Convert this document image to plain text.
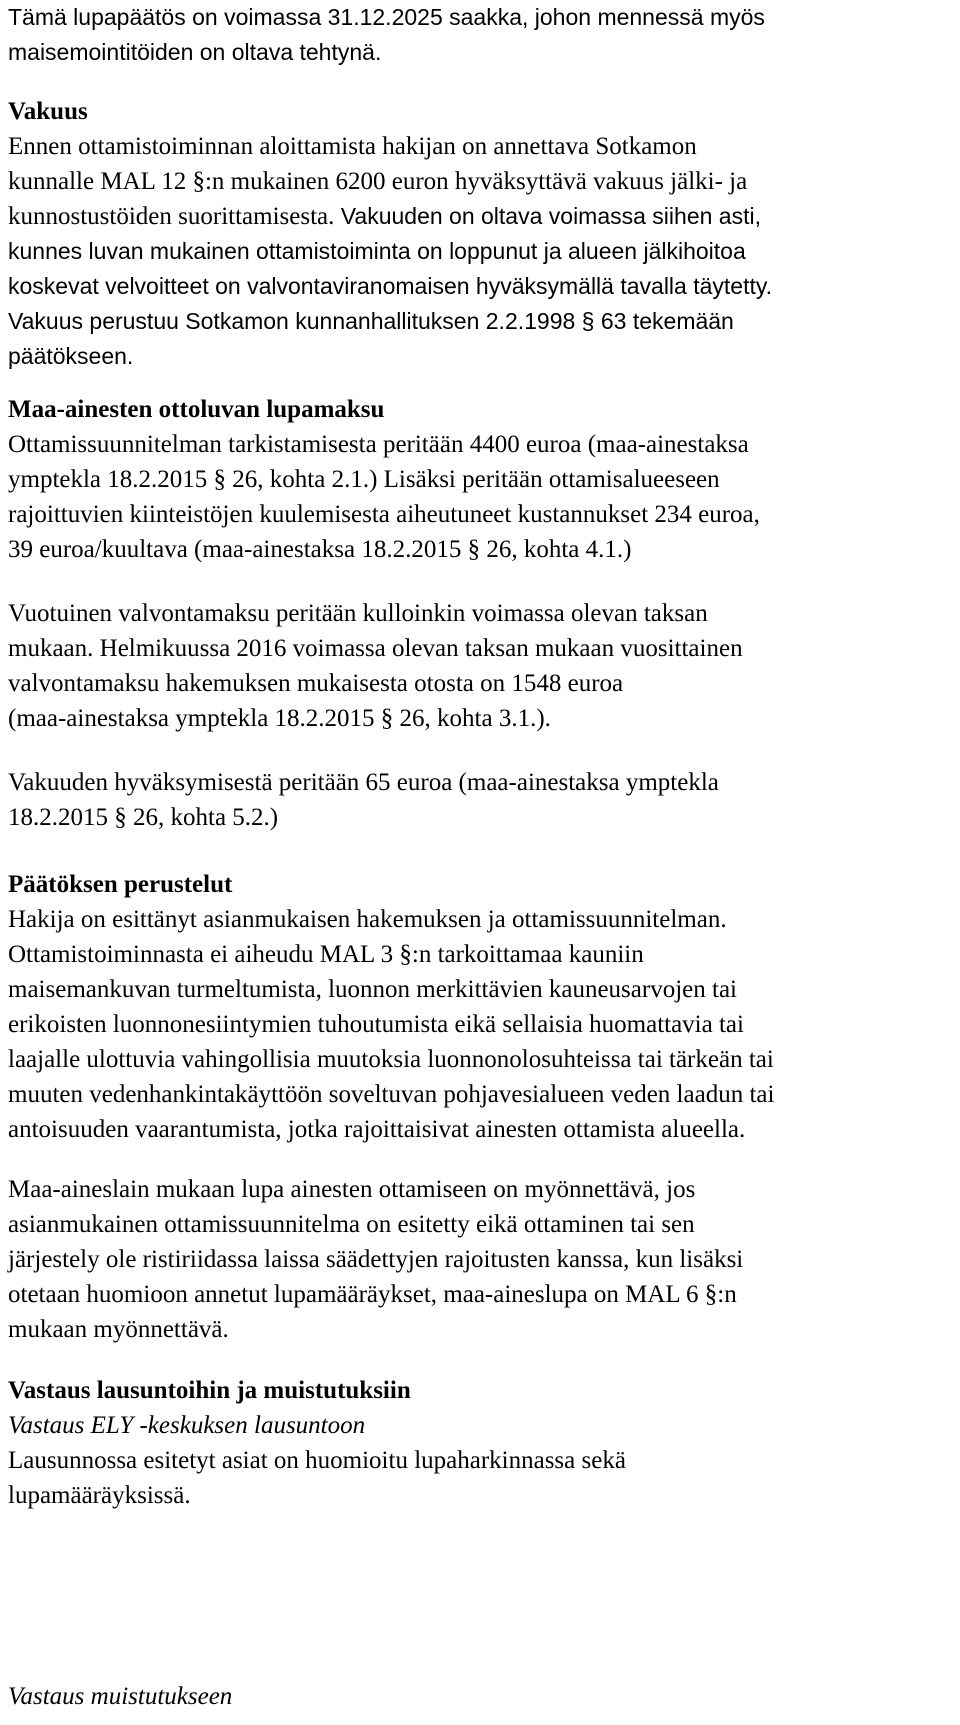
Tämä lupapäätös on voimassa 31.12.2025 saakka, johon mennessä myös
maisemointitöiden on oltava tehtynä.
Vakuus
Ennen ottamistoiminnan aloittamista hakijan on annettava Sotkamon
kunnalle MAL 12 §:n mukainen 6200 euron hyväksyttävä vakuus jälki- ja
kunnostustöiden suorittamisesta. Vakuuden on oltava voimassa siihen asti,
kunnes luvan mukainen ottamistoiminta on loppunut ja alueen jälkihoitoa
koskevat velvoitteet on valvontaviranomaisen hyväksymällä tavalla täytetty.
Vakuus perustuu Sotkamon kunnanhallituksen 2.2.1998 § 63 tekemään
päätökseen.
Maa-ainesten ottoluvan lupamaksu
Ottamissuunnitelman tarkistamisesta peritään 4400 euroa (maa-ainestaksa
ymptekla 18.2.2015 § 26, kohta 2.1.) Lisäksi peritään ottamisalueeseen
rajoittuvien kiinteistöjen kuulemisesta aiheutuneet kustannukset 234 euroa,
39 euroa/kuultava (maa-ainestaksa 18.2.2015 § 26, kohta 4.1.)
Vuotuinen valvontamaksu peritään kulloinkin voimassa olevan taksan
mukaan. Helmikuussa 2016 voimassa olevan taksan mukaan vuosittainen
valvontamaksu hakemuksen mukaisesta otosta on 1548 euroa
(maa-ainestaksa ymptekla 18.2.2015 § 26, kohta 3.1.).
Vakuuden hyväksymisestä peritään 65 euroa (maa-ainestaksa ymptekla
18.2.2015 § 26, kohta 5.2.)
Päätöksen perustelut
Hakija on esittänyt asianmukaisen hakemuksen ja ottamissuunnitelman.
Ottamistoiminnasta ei aiheudu MAL 3 §:n tarkoittamaa kauniin
maisemankuvan turmeltumista, luonnon merkittävien kauneusarvojen tai
erikoisten luonnonesiintymien tuhoutumista eikä sellaisia huomattavia tai
laajalle ulottuvia vahingollisia muutoksia luonnonolosuhteissa tai tärkeän tai
muuten vedenhankintakäyttöön soveltuvan pohjavesialueen veden laadun tai
antoisuuden vaarantumista, jotka rajoittaisivat ainesten ottamista alueella.
Maa-aineslain mukaan lupa ainesten ottamiseen on myönnettävä, jos
asianmukainen ottamissuunnitelma on esitetty eikä ottaminen tai sen
järjestely ole ristiriidassa laissa säädettyjen rajoitusten kanssa, kun lisäksi
otetaan huomioon annetut lupamääräykset, maa-aineslupa on MAL 6 §:n
mukaan myönnettävä.
Vastaus lausuntoihin ja muistutuksiin
Vastaus ELY -keskuksen lausuntoon
Lausunnossa esitetyt asiat on huomioitu lupaharkinnassa sekä
lupamääräyksissä.
Vastaus muistutukseen
